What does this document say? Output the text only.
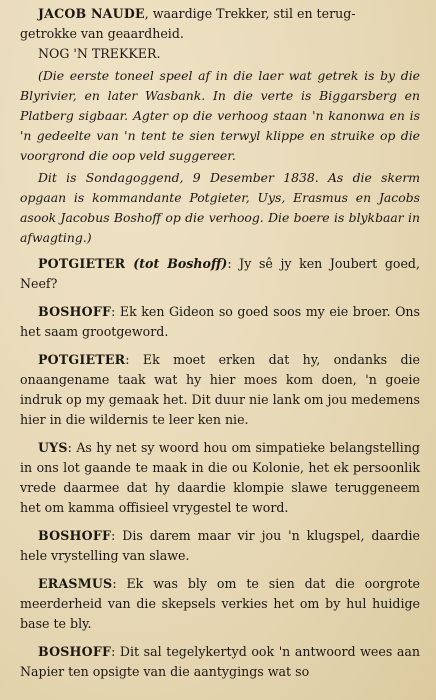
JACOB NAUDE, waardige Trekker, stil en terug-
getrokke van geaardheid.

NOG 'N TREKKER.

(Die eerste toneel speel af in die laer wat getrek is by die Blyrivier, en later Wasbank. In die verte is Biggarsberg en Platberg sigbaar. Agter op die verhoog staan 'n kanonwa en is 'n gedeelte van 'n tent te sien terwyl klippe en struike op die voorgrond die oop veld suggereer.

Dit is Sondagoggend, 9 Desember 1838. As die skerm opgaan is kommandante Potgieter, Uys, Erasmus en Jacobs asook Jacobus Boshoff op die verhoog. Die boere is blykbaar in afwagting.)

POTGIETER (tot Boshoff): Jy sê jy ken Joubert goed, Neef?

BOSHOFF: Ek ken Gideon so goed soos my eie broer. Ons het saam grootgeword.

POTGIETER: Ek moet erken dat hy, ondanks die onaangename taak wat hy hier moes kom doen, 'n goeie indruk op my gemaak het. Dit duur nie lank om jou medemens hier in die wildernis te leer ken nie.

UYS: As hy net sy woord hou om simpatieke belangstelling in ons lot gaande te maak in die ou Kolonie, het ek persoonlik vrede daarmee dat hy daardie klompie slawe teruggeneem het om kamma offisieel vrygestel te word.

BOSHOFF: Dis darem maar vir jou 'n klugspel, daardie hele vrystelling van slawe.

ERASMUS: Ek was bly om te sien dat die oorgrote meerderheid van die skepsels verkies het om by hul huidige base te bly.

BOSHOFF: Dit sal tegelykertyd ook 'n antwoord wees aan Napier ten opsigte van die aantygings wat so
